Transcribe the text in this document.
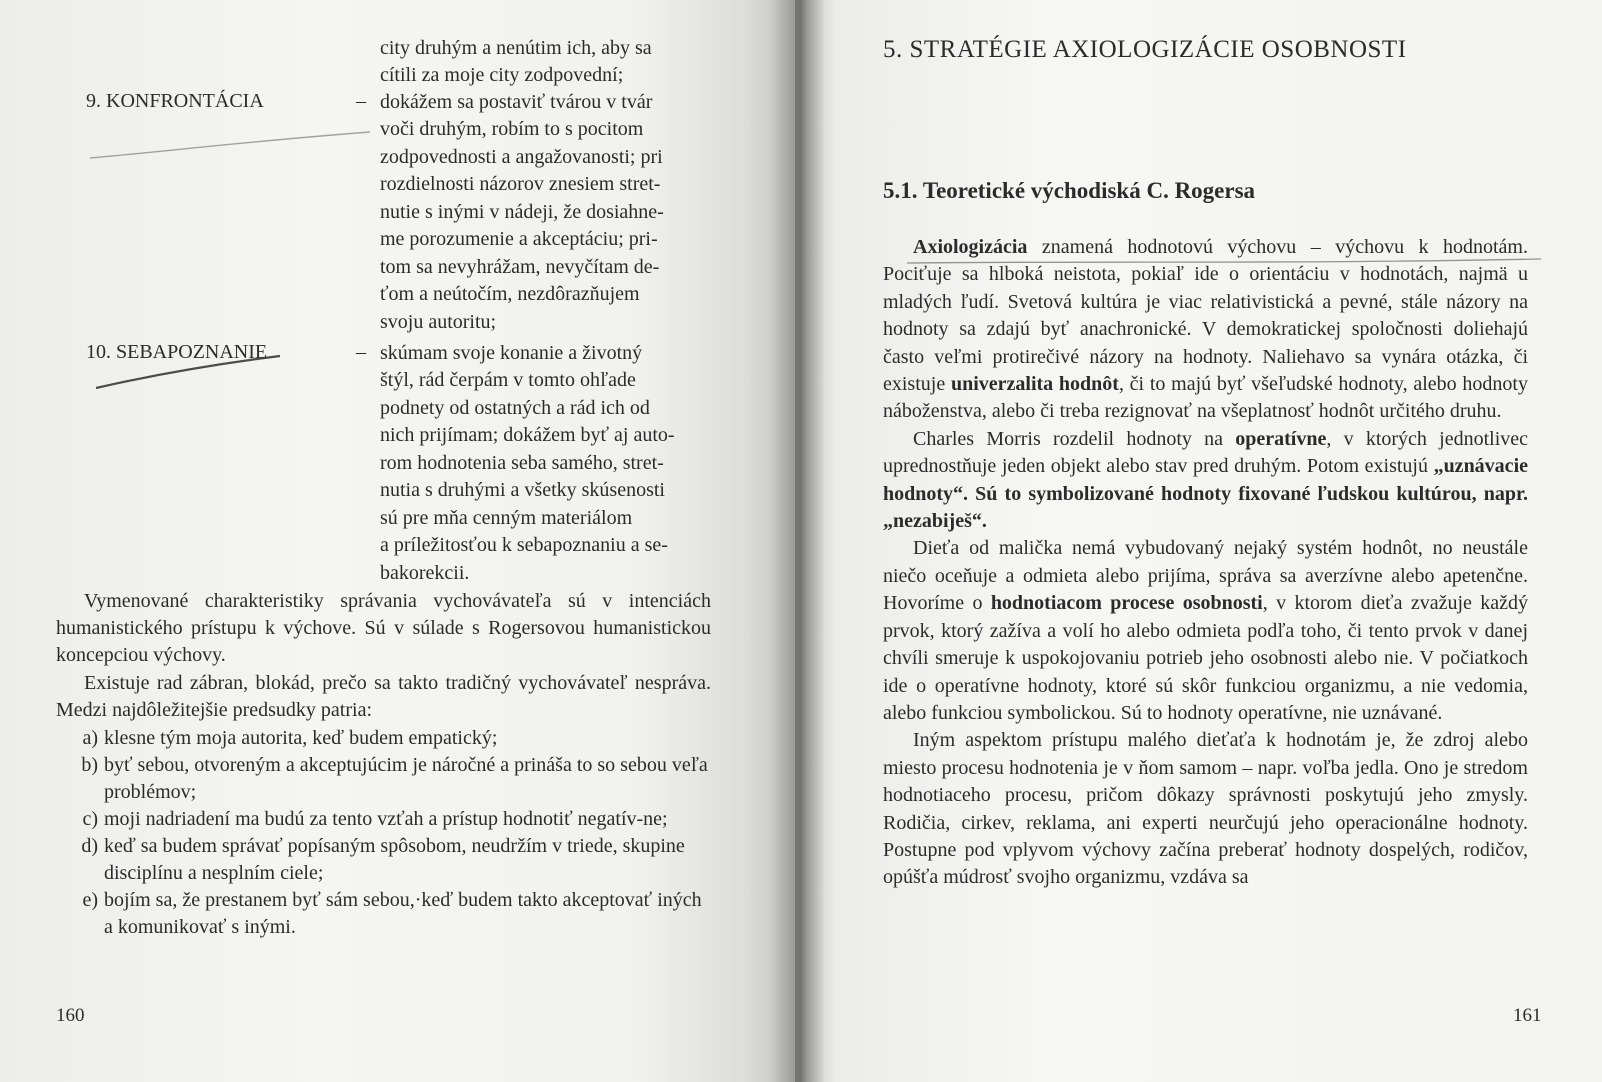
city druhým a nenútim ich, aby sa
cítili za moje city zodpovední;
9. KONFRONTÁCIA	– dokážem sa postaviť tvárou v tvár
voči druhým, robím to s pocitom
zodpovednosti a angažovanosti; pri
rozdielnosti názorov znesiem stret-
nutie s inými v nádeji, že dosiahne-
me porozumenie a akceptáciu; pri-
tom sa nevyhrážam, nevyčítam de-
ťom a neútočím, nezdôrazňujem
svoju autoritu;
10. SEBAPOZNANIE	– skúmam svoje konanie a životný
štýl, rád čerpám v tomto ohľade
podnety od ostatných a rád ich od
nich prijímam; dokážem byť aj auto-
rom hodnotenia seba samého, stret-
nutia s druhými a všetky skúsenosti
sú pre mňa cenným materiálom
a príležitosťou k sebapoznaniu a se-
bakorekcii.
Vymenované charakteristiky správania vychovávateľa sú v intenciách humanistického prístupu k výchove. Sú v súlade s Rogersovou humanistickou koncepciou výchovy.
Existuje rad zábran, blokád, prečo sa takto tradičný vychovávateľ nespráva. Medzi najdôležitejšie predsudky patria:
a) klesne tým moja autorita, keď budem empatický;
b) byť sebou, otvoreným a akceptujúcim je náročné a prináša to so sebou veľa problémov;
c) moji nadriadení ma budú za tento vzťah a prístup hodnotiť negatív-ne;
d) keď sa budem správať popísaným spôsobom, neudržím v triede, skupine disciplínu a nesplním ciele;
e) bojím sa, že prestanem byť sám sebou,·keď budem takto akceptovať iných a komunikovať s inými.
160
5. STRATÉGIE AXIOLOGIZÁCIE OSOBNOSTI
5.1. Teoretické východiská C. Rogersa

Axiologizácia znamená hodnotovú výchovu – výchovu k hodnotám. Pociťuje sa hlboká neistota, pokiaľ ide o orientáciu v hodnotách, najmä u mladých ľudí. Svetová kultúra je viac relativistická a pevné, stále názory na hodnoty sa zdajú byť anachronické. V demokratickej spoločnosti doliehajú často veľmi protirečivé názory na hodnoty. Naliehavo sa vynára otázka, či existuje univerzalita hodnôt, či to majú byť všeľudské hodnoty, alebo hodnoty náboženstva, alebo či treba rezignovať na všeplatnosť hodnôt určitého druhu.

Charles Morris rozdelil hodnoty na operatívne, v ktorých jednotlivec uprednostňuje jeden objekt alebo stav pred druhým. Potom existujú „uznávacie hodnoty“. Sú to symbolizované hodnoty fixované ľudskou kultúrou, napr. „nezabiješ“.

Dieťa od malička nemá vybudovaný nejaký systém hodnôt, no neustále niečo oceňuje a odmieta alebo prijíma, správa sa averzívne alebo apetenčne. Hovoríme o hodnotiacom procese osobnosti, v ktorom dieťa zvažuje každý prvok, ktorý zažíva a volí ho alebo odmieta podľa toho, či tento prvok v danej chvíli smeruje k uspokojovaniu potrieb jeho osobnosti alebo nie. V počiatkoch ide o operatívne hodnoty, ktoré sú skôr funkciou organizmu, a nie vedomia, alebo funkciou symbolickou. Sú to hodnoty operatívne, nie uznávané.

Iným aspektom prístupu malého dieťaťa k hodnotám je, že zdroj alebo miesto procesu hodnotenia je v ňom samom – napr. voľba jedla. Ono je stredom hodnotiaceho procesu, pričom dôkazy správnosti poskytujú jeho zmysly. Rodičia, cirkev, reklama, ani experti neurčujú jeho operacionálne hodnoty. Postupne pod vplyvom výchovy začína preberať hodnoty dospelých, rodičov, opúšťa múdrosť svojho organizmu, vzdáva sa

161
